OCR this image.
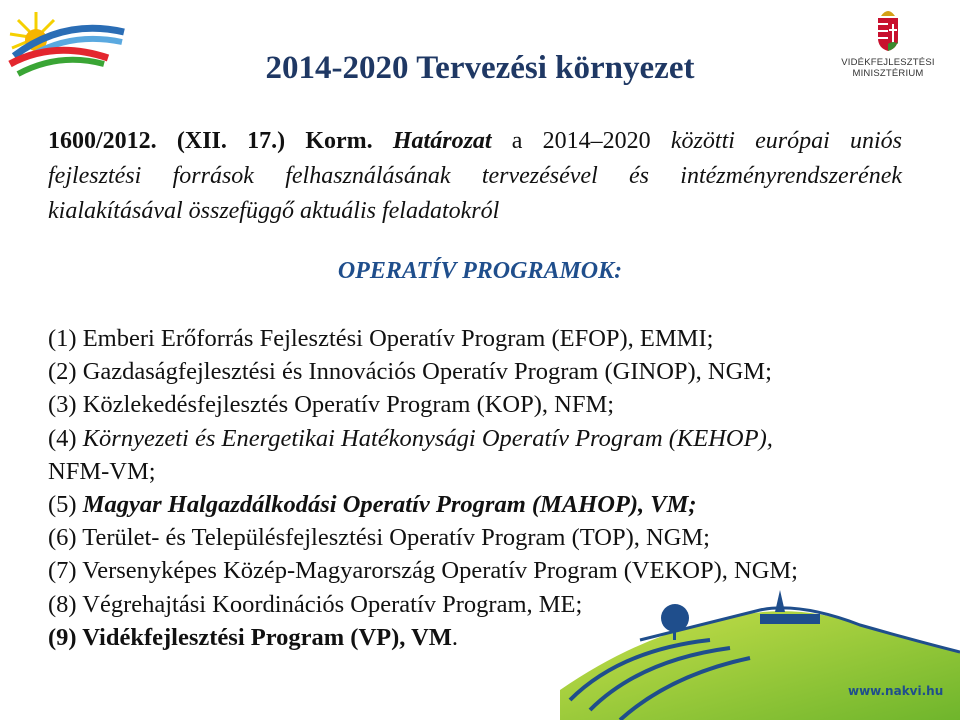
VIDÉKFEJLESZTÉSI
MINISZTÉRIUM
2014-2020 Tervezési környezet
1600/2012. (XII. 17.) Korm. Határozat a 2014–2020 közötti európai uniós
fejlesztési források felhasználásának tervezésével és intézményrendszerének
kialakításával összefüggő aktuális feladatokról
OPERATÍV PROGRAMOK:
(1) Emberi Erőforrás Fejlesztési Operatív Program (EFOP), EMMI;
(2) Gazdaságfejlesztési és Innovációs Operatív Program (GINOP), NGM;
(3) Közlekedésfejlesztés Operatív Program (KOP), NFM;
(4) Környezeti és Energetikai Hatékonysági Operatív Program (KEHOP),
NFM-VM;
(5) Magyar Halgazdálkodási Operatív Program (MAHOP), VM;
(6) Terület- és Településfejlesztési Operatív Program (TOP), NGM;
(7) Versenyképes Közép-Magyarország Operatív Program (VEKOP), NGM;
(8) Végrehajtási Koordinációs Operatív Program, ME;
(9) Vidékfejlesztési Program (VP), VM.
www.nakvi.hu
